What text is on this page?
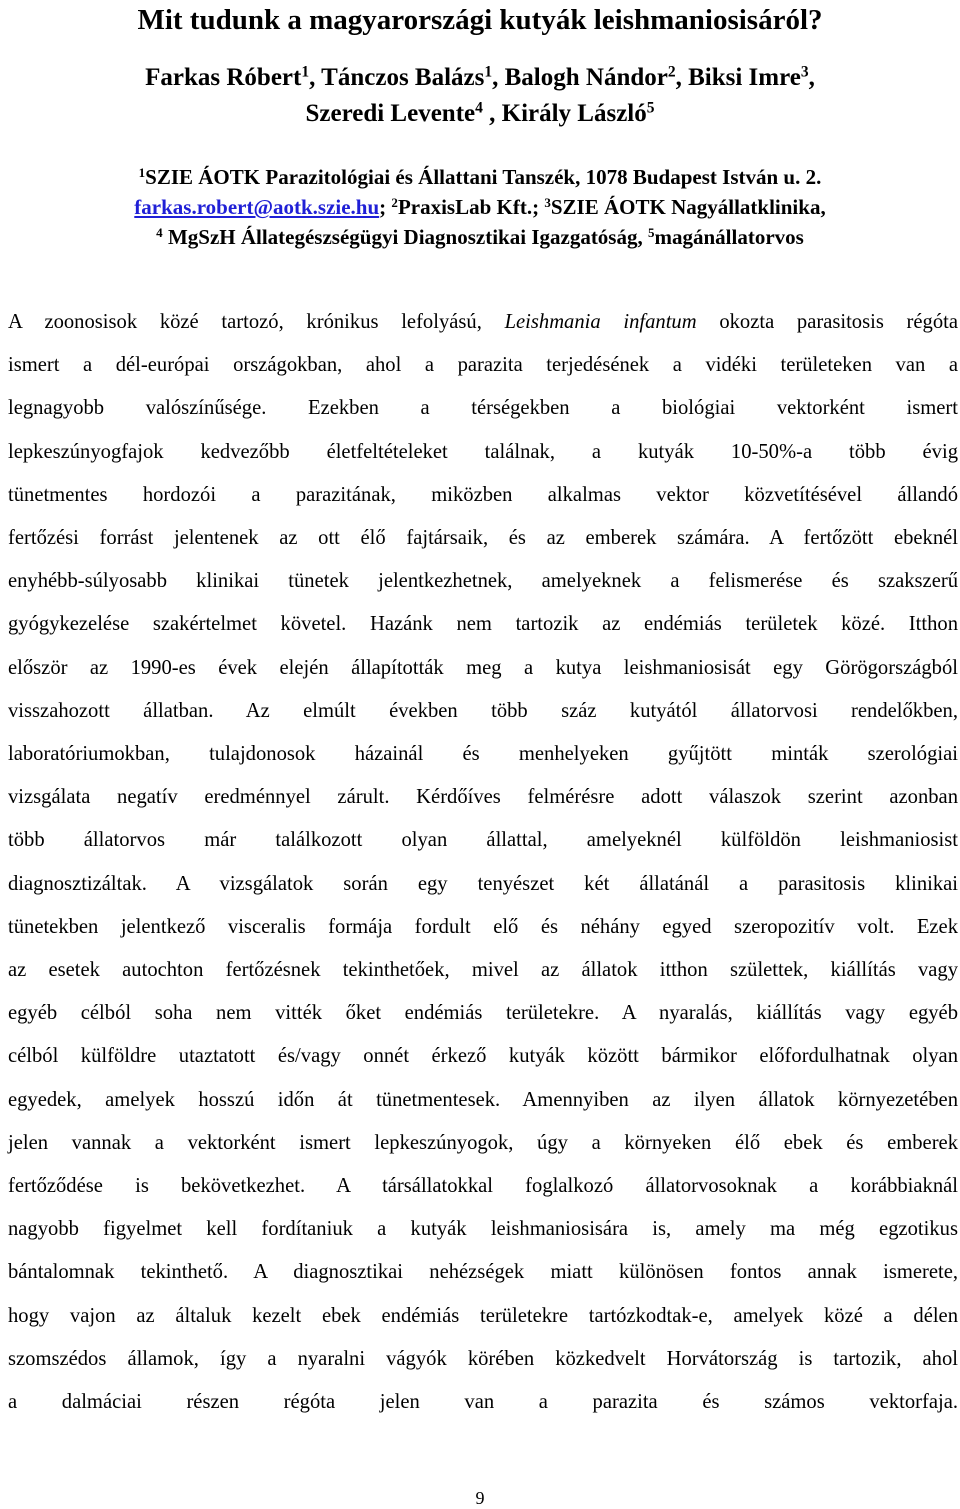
Mit tudunk a magyarországi kutyák leishmaniosisáról?
Farkas Róbert$^1$, Tánczos Balázs$^1$, Balogh Nándor$^2$, Biksi Imre$^3$,
Szeredi Levente$^4$ , Király László$^5$
$^1$SZIE ÁOTK Parazitológiai és Állattani Tanszék, 1078 Budapest István u. 2.
farkas.robert@aotk.szie.hu; $^2$PraxisLab Kft.; $^3$SZIE ÁOTK Nagyállatklinika,
$^4$ MgSzH Állategészségügyi Diagnosztikai Igazgatóság, $^5$magánállatorvos

A zoonosisok közé tartozó, krónikus lefolyású, Leishmania infantum okozta parasitosis régóta
ismert a dél-európai országokban, ahol a parazita terjedésének a vidéki területeken van a
legnagyobb valószínűsége. Ezekben a térségekben a biológiai vektorként ismert
lepkeszúnyogfajok kedvezőbb életfeltételeket találnak, a kutyák 10-50%-a több évig
tünetmentes hordozói a parazitának, miközben alkalmas vektor közvetítésével állandó
fertőzési forrást jelentenek az ott élő fajtársaik, és az emberek számára. A fertőzött ebeknél
enyhébb-súlyosabb klinikai tünetek jelentkezhetnek, amelyeknek a felismerése és szakszerű
gyógykezelése szakértelmet követel. Hazánk nem tartozik az endémiás területek közé. Itthon
először az 1990-es évek elején állapították meg a kutya leishmaniosisát egy Görögországból
visszahozott állatban. Az elmúlt években több száz kutyától állatorvosi rendelőkben,
laboratóriumokban, tulajdonosok házainál és menhelyeken gyűjtött minták szerológiai
vizsgálata negatív eredménnyel zárult. Kérdőíves felmérésre adott válaszok szerint azonban
több állatorvos már találkozott olyan állattal, amelyeknél külföldön leishmaniosist
diagnosztizáltak. A vizsgálatok során egy tenyészet két állatánál a parasitosis klinikai
tünetekben jelentkező visceralis formája fordult elő és néhány egyed szeropozitív volt. Ezek
az esetek autochton fertőzésnek tekinthetőek, mivel az állatok itthon születtek, kiállítás vagy
egyéb célból soha nem vitték őket endémiás területekre. A nyaralás, kiállítás vagy egyéb
célból külföldre utaztatott és/vagy onnét érkező kutyák között bármikor előfordulhatnak olyan
egyedek, amelyek hosszú időn át tünetmentesek. Amennyiben az ilyen állatok környezetében
jelen vannak a vektorként ismert lepkeszúnyogok, úgy a környeken élő ebek és emberek
fertőződése is bekövetkezhet. A társállatokkal foglalkozó állatorvosoknak a korábbiaknál
nagyobb figyelmet kell fordítaniuk a kutyák leishmaniosisára is, amely ma még egzotikus
bántalomnak tekinthető. A diagnosztikai nehézségek miatt különösen fontos annak ismerete,
hogy vajon az általuk kezelt ebek endémiás területekre tartózkodtak-e, amelyek közé a délen
szomszédos államok, így a nyaralni vágyók körében közkedvelt Horvátország is tartozik, ahol
a dalmáciai részen régóta jelen van a parazita és számos vektorfaja.

9
